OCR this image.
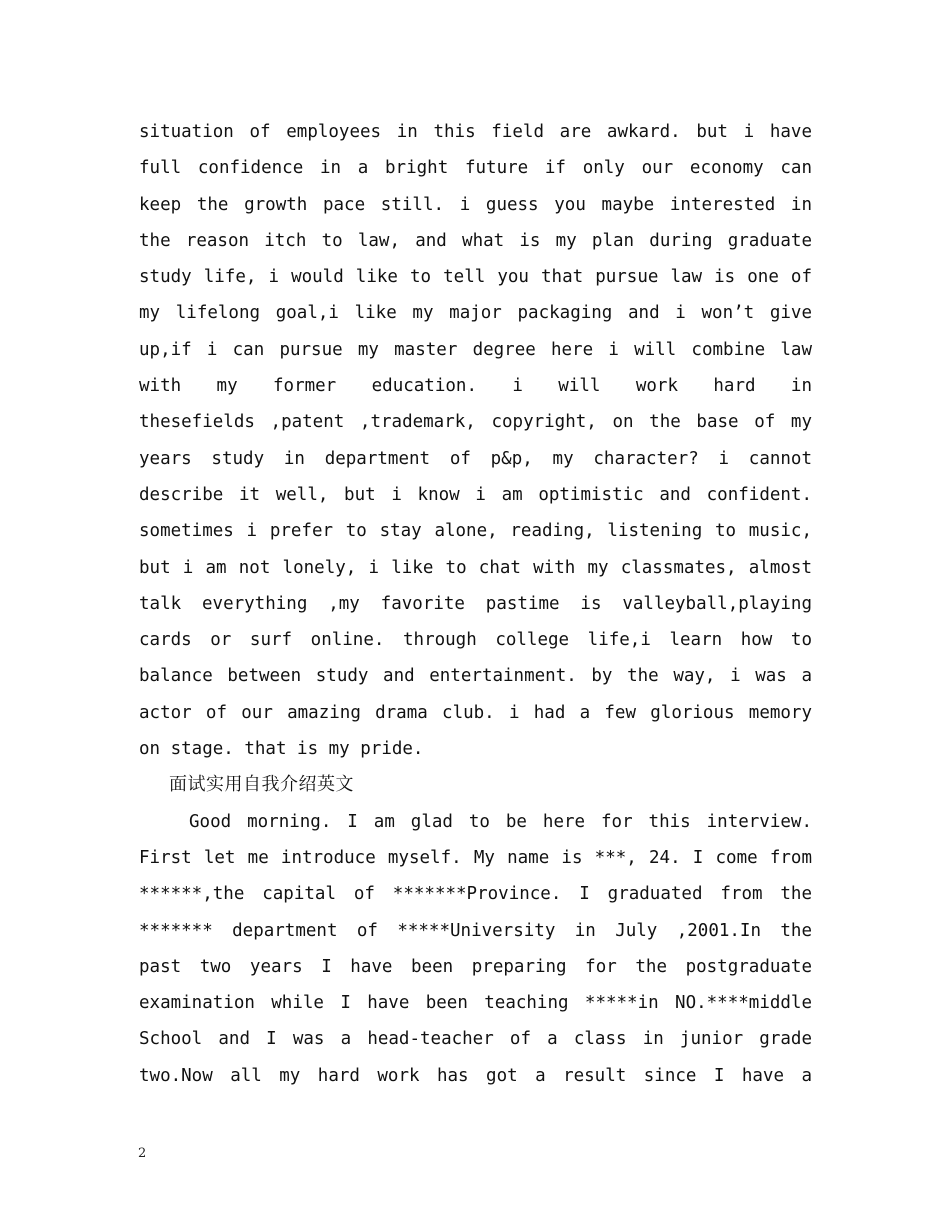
situation of employees in this field are awkard. but i have
full confidence in a bright future if only our economy can
keep the growth pace still. i guess you maybe interested in
the reason itch to law, and what is my plan during graduate
study life, i would like to tell you that pursue law is one of
my lifelong goal,i like my major packaging and i won’t give
up,if i can pursue my master degree here i will combine law
with my former education. i will work hard in
thesefields ,patent ,trademark, copyright, on the base of my
years study in department of p&p, my character? i cannot
describe it well, but i know i am optimistic and confident.
sometimes i prefer to stay alone, reading, listening to music,
but i am not lonely, i like to chat with my classmates, almost
talk everything ,my favorite pastime is valleyball,playing
cards or surf online. through college life,i learn how to
balance between study and entertainment. by the way, i was a
actor of our amazing drama club. i had a few glorious memory
on stage. that is my pride.
面试实用自我介绍英文
Good morning. I am glad to be here for this interview.
First let me introduce myself. My name is ***, 24. I come from
******,the capital of *******Province. I graduated from the
******* department of *****University in July ,2001.In the
past two years I have been preparing for the postgraduate
examination while I have been teaching *****in NO.****middle
School and I was a head-teacher of a class in junior grade
two.Now all my hard work has got a result since I have a
2
